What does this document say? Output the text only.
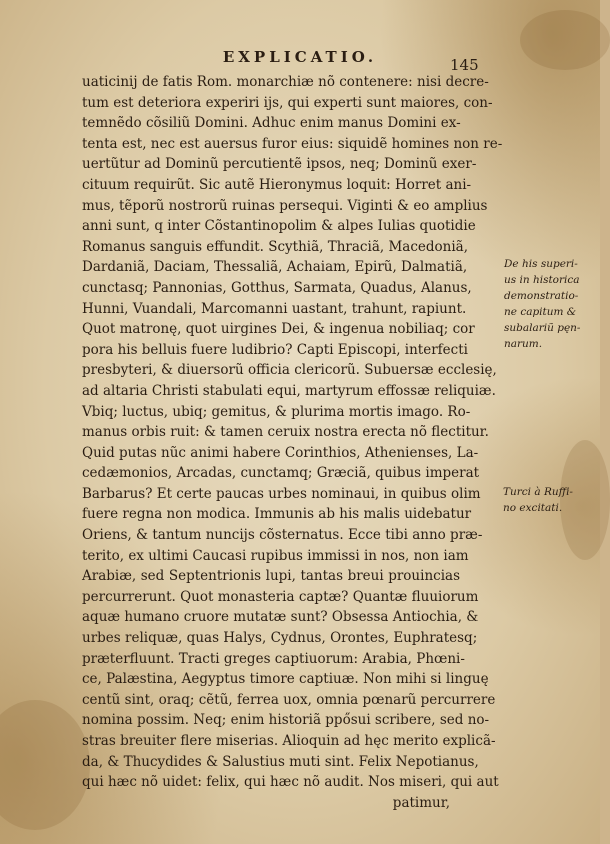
EXPLICATIO.	145
uaticinij de fatis Rom. monarchiæ nõ contenere: nisi decre-
tum est deteriora experiri ijs, qui experti sunt maiores, con-
temnẽdo cõsiliũ Domini. Adhuc enim manus Domini ex-
tenta est, nec est auersus furor eius: siquidẽ homines non re-
uertũtur ad Dominũ percutientẽ ipsos, neq; Dominũ exer-
cituum requirũt. Sic autẽ Hieronymus loquit: Horret ani-
mus, tẽporũ nostrorũ ruinas persequi. Viginti & eo amplius
anni sunt, q inter Cõstantinopolim & alpes Iulias quotidie
Romanus sanguis effundit. Scythiã, Thraciã, Macedoniã,
Dardaniã, Daciam, Thessaliã, Achaiam, Epirũ, Dalmatiã,
cunctasq; Pannonias, Gotthus, Sarmata, Quadus, Alanus,
Hunni, Vuandali, Marcomanni uastant, trahunt, rapiunt.
Quot matronę, quot uirgines Dei, & ingenua nobiliaq; cor
pora his belluis fuere ludibrio? Capti Episcopi, interfecti
presbyteri, & diuersorũ officia clericorũ. Subuersæ ecclesię,
ad altaria Christi stabulati equi, martyrum effossæ reliquiæ.
Vbiq; luctus, ubiq; gemitus, & plurima mortis imago. Ro-
manus orbis ruit: & tamen ceruix nostra erecta nõ flectitur.
Quid putas nũc animi habere Corinthios, Athenienses, La-
cedæmonios, Arcadas, cunctamq; Græciã, quibus imperat
Barbarus? Et certe paucas urbes nominaui, in quibus olim
fuere regna non modica. Immunis ab his malis uidebatur
Oriens, & tantum nuncijs cõsternatus. Ecce tibi anno præ-
terito, ex ultimi Caucasi rupibus immissi in nos, non iam
Arabiæ, sed Septentrionis lupi, tantas breui prouincias
percurrerunt. Quot monasteria captæ? Quantæ fluuiorum
aquæ humano cruore mutatæ sunt? Obsessa Antiochia, &
urbes reliquæ, quas Halys, Cydnus, Orontes, Euphratesq;
præterfluunt. Tracti greges captiuorum: Arabia, Phœni-
ce, Palæstina, Aegyptus timore captiuæ. Non mihi si linguę
centũ sint, oraq; cẽtũ, ferrea uox, omnia pœnarũ percurrere
nomina possim. Neq; enim historiã ppősui scribere, sed no-
stras breuiter flere miserias. Alioquin ad hęc merito explicã-
da, & Thucydides & Salustius muti sint. Felix Nepotianus,
qui hæc nõ uidet: felix, qui hæc nõ audit. Nos miseri, qui aut
patimur,
De his superi-
us in historica
demonstratio-
ne capitum &
subalariũ pęn-
narum.
Turci à Ruffi-
no excitati.
